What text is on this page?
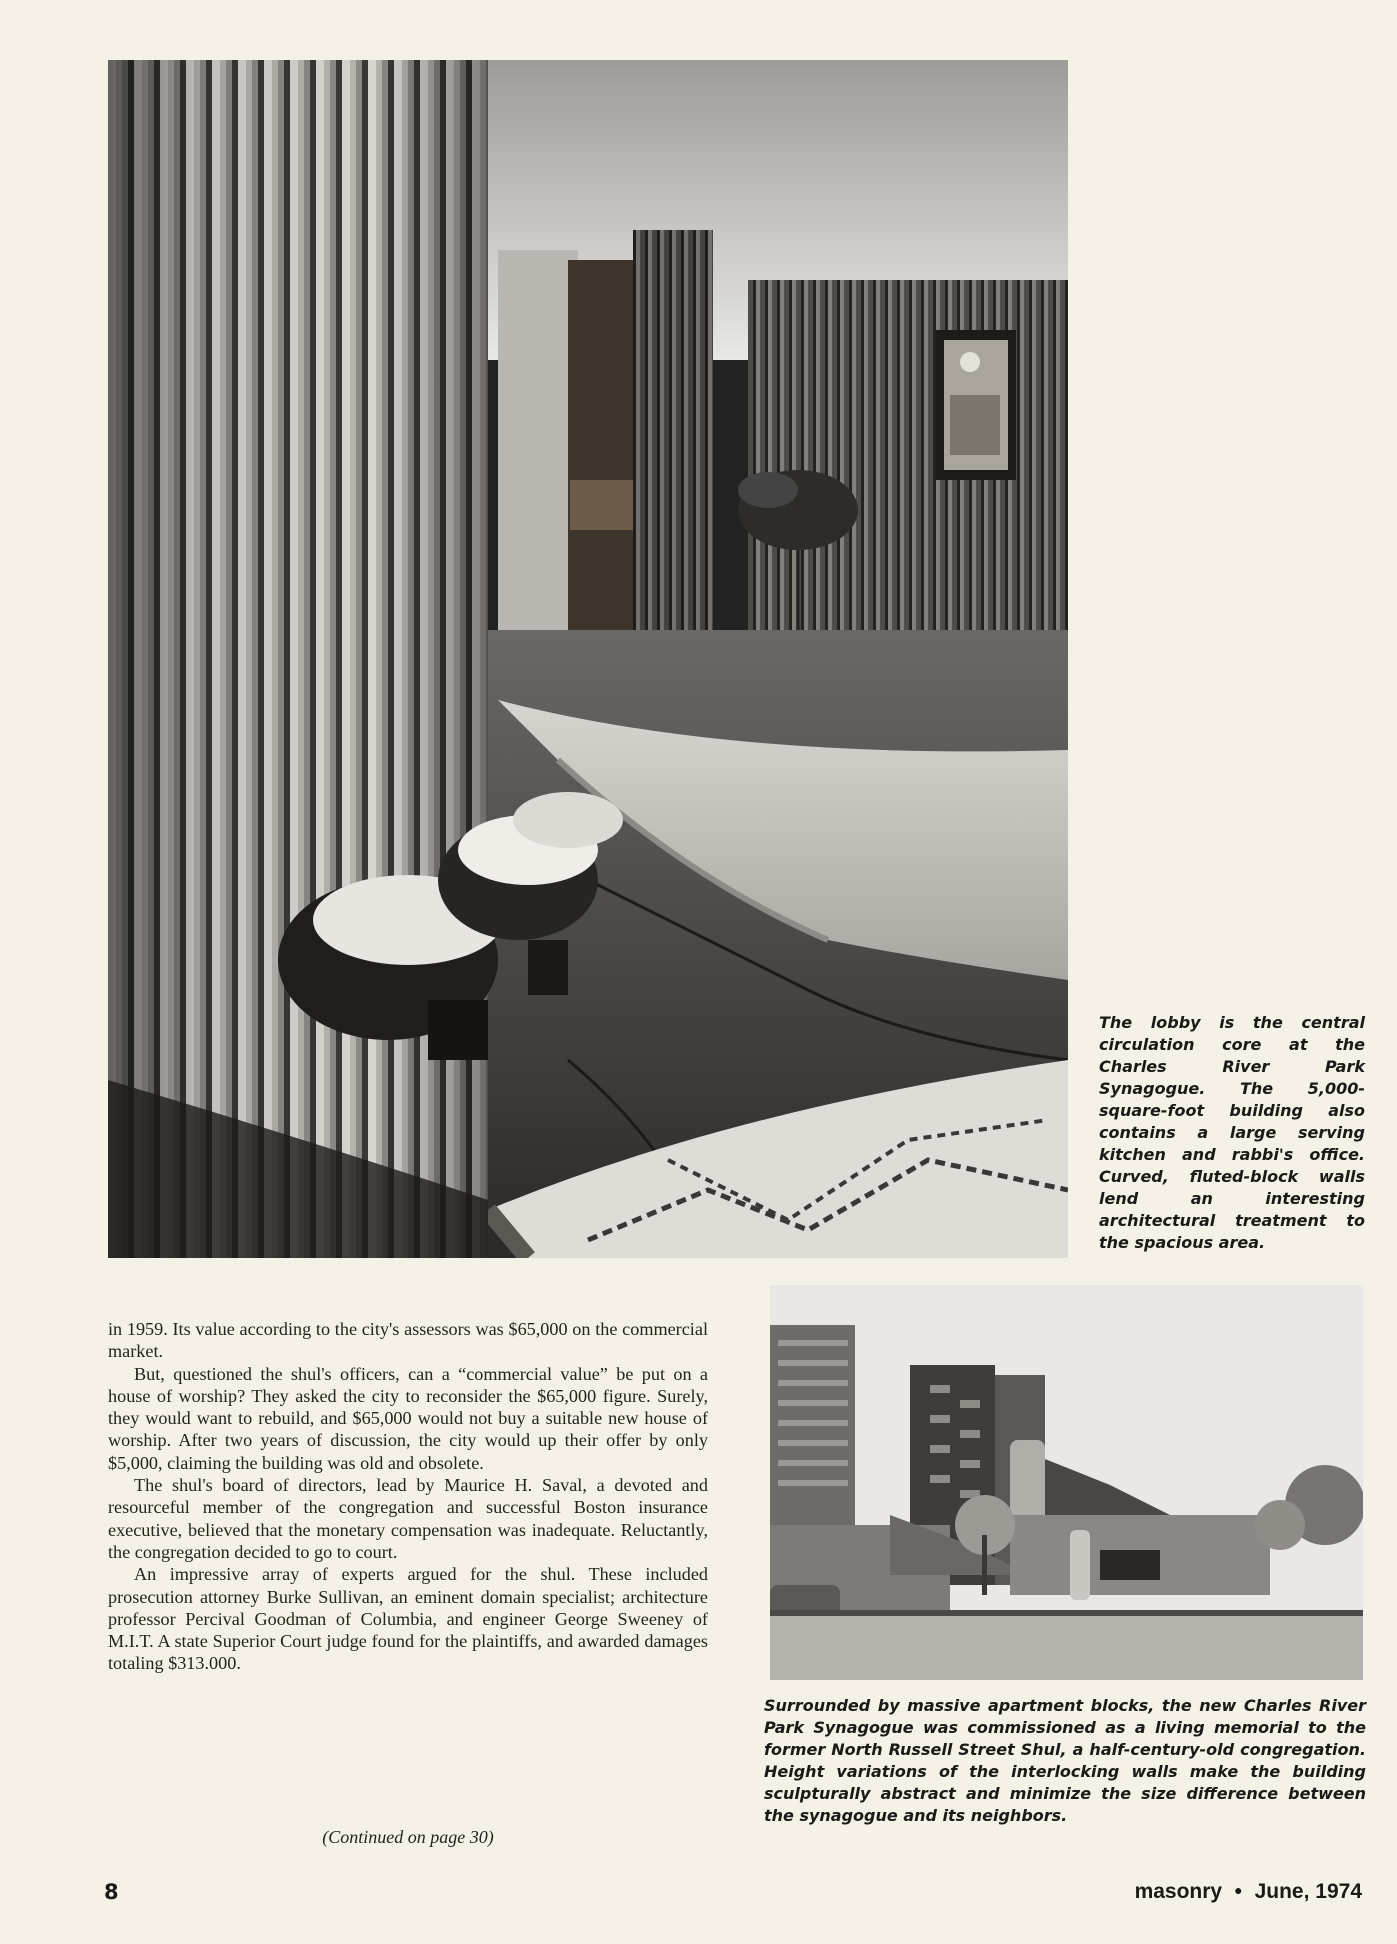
The lobby is the central circulation core at the Charles River Park Synagogue. The 5,000-square-foot building also contains a large serving kitchen and rabbi's office. Curved, fluted-block walls lend an interesting architectural treatment to the spacious area.

in 1959. Its value according to the city's assessors was $65,000 on the commercial market.

But, questioned the shul's officers, can a “commercial value” be put on a house of worship? They asked the city to reconsider the $65,000 figure. Surely, they would want to rebuild, and $65,000 would not buy a suitable new house of worship. After two years of discussion, the city would up their offer by only $5,000, claiming the building was old and obsolete.

The shul's board of directors, lead by Maurice H. Saval, a devoted and resourceful member of the congregation and successful Boston insurance executive, believed that the monetary compensation was inadequate. Reluctantly, the congregation decided to go to court.

An impressive array of experts argued for the shul. These included prosecution attorney Burke Sullivan, an eminent domain specialist; architecture professor Percival Goodman of Columbia, and engineer George Sweeney of M.I.T. A state Superior Court judge found for the plaintiffs, and awarded damages totaling $313.000.

(Continued on page 30)
Surrounded by massive apartment blocks, the new Charles River Park Synagogue was commissioned as a living memorial to the former North Russell Street Shul, a half-century-old congregation. Height variations of the interlocking walls make the building sculpturally abstract and minimize the size difference between the synagogue and its neighbors.
8	masonry ● June, 1974
